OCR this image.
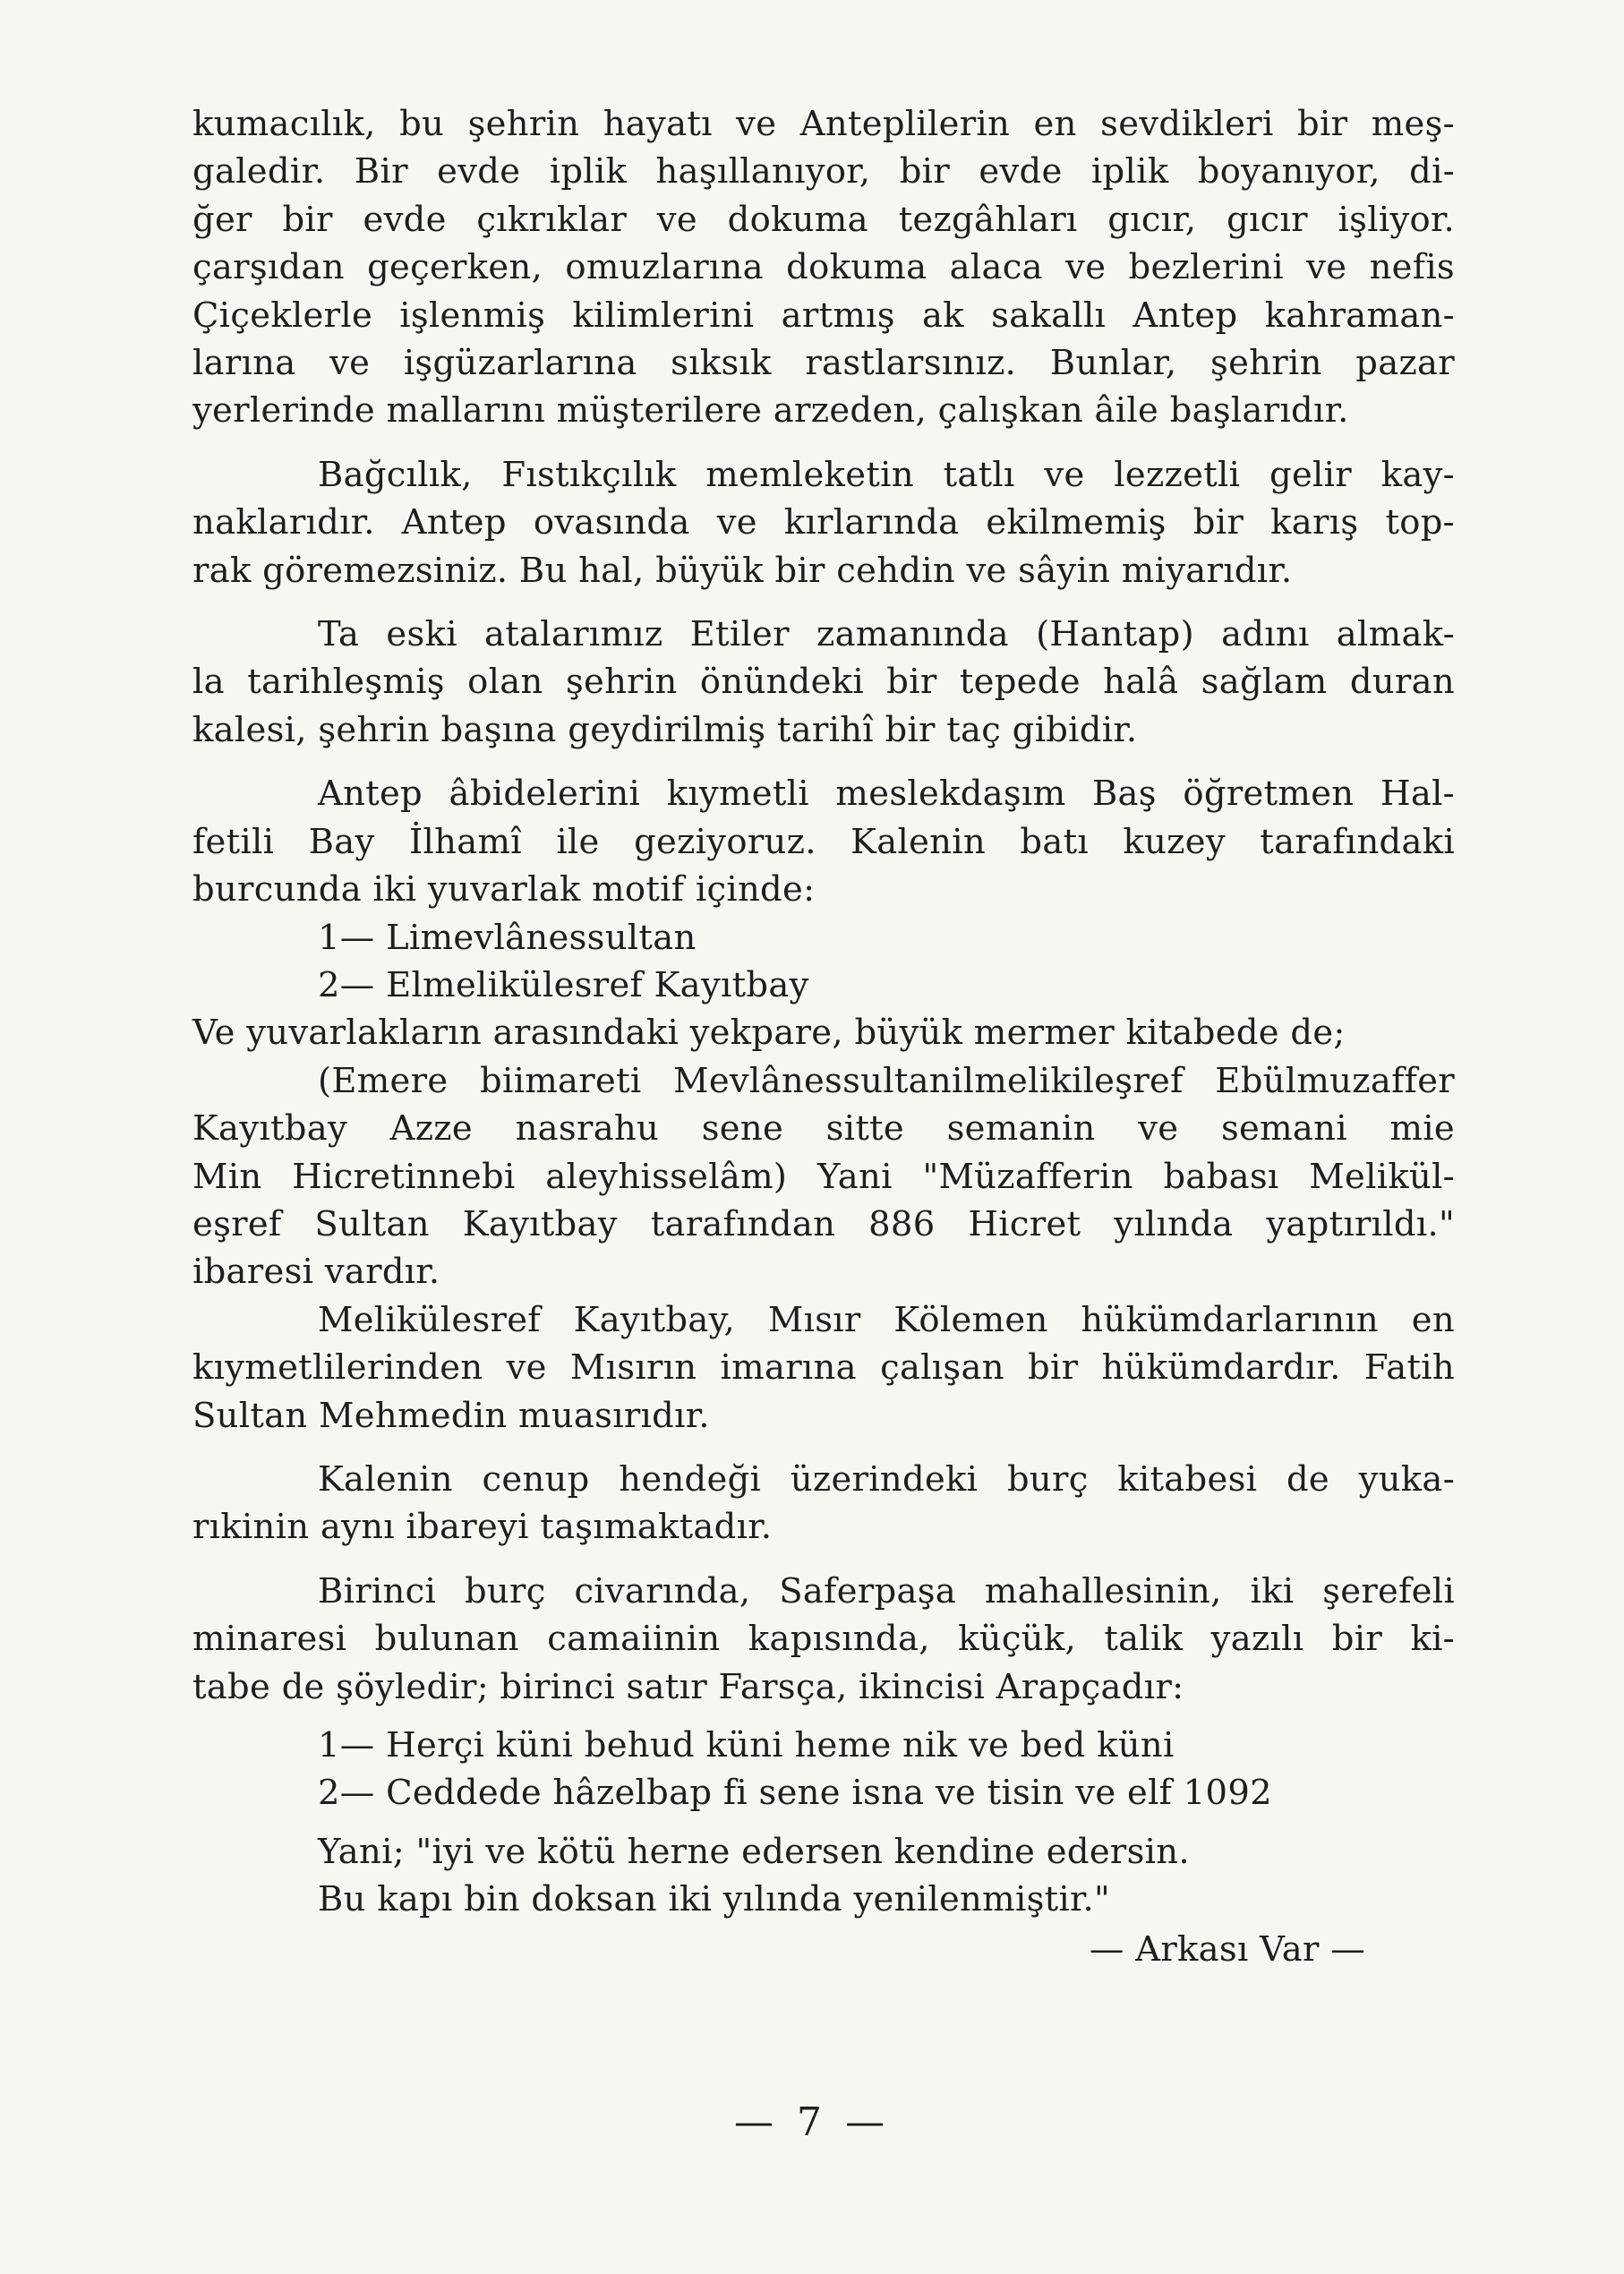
kumacılık, bu şehrin hayatı ve Anteplilerin en sevdikleri bir meş-
galedir. Bir evde iplik haşıllanıyor, bir evde iplik boyanıyor, di-
ğer bir evde çıkrıklar ve dokuma tezgâhları gıcır, gıcır işliyor.
çarşıdan geçerken, omuzlarına dokuma alaca ve bezlerini ve nefis
Çiçeklerle işlenmiş kilimlerini artmış ak sakallı Antep kahraman-
larına ve işgüzarlarına sıksık rastlarsınız. Bunlar, şehrin pazar
yerlerinde mallarını müşterilere arzeden, çalışkan âile başlarıdır.

Bağcılık, Fıstıkçılık memleketin tatlı ve lezzetli gelir kay-
naklarıdır. Antep ovasında ve kırlarında ekilmemiş bir karış top-
rak göremezsiniz. Bu hal, büyük bir cehdin ve sâyin miyarıdır.

Ta eski atalarımız Etiler zamanında (Hantap) adını almak-
la tarihleşmiş olan şehrin önündeki bir tepede halâ sağlam duran
kalesi, şehrin başına geydirilmiş tarihî bir taç gibidir.

Antep âbidelerini kıymetli meslekdaşım Baş öğretmen Hal-
fetili Bay İlhamî ile geziyoruz. Kalenin batı kuzey tarafındaki
burcunda iki yuvarlak motif içinde:

1— Limevlânessultan
2— Elmelikülesref Kayıtbay

Ve yuvarlakların arasındaki yekpare, büyük mermer kitabede de;

(Emere biimareti Mevlânessultanilmelikileşref Ebülmuzaffer
Kayıtbay Azze nasrahu sene sitte semanin ve semani mie
Min Hicretinnebi aleyhisselâm) Yani "Müzafferin babası Melikül-
eşref Sultan Kayıtbay tarafından 886 Hicret yılında yaptırıldı."
ibaresi vardır.

Melikülesref Kayıtbay, Mısır Kölemen hükümdarlarının en
kıymetlilerinden ve Mısırın imarına çalışan bir hükümdardır. Fatih
Sultan Mehmedin muasırıdır.

Kalenin cenup hendeği üzerindeki burç kitabesi de yuka-
rıkinin aynı ibareyi taşımaktadır.

Birinci burç civarında, Saferpaşa mahallesinin, iki şerefeli
minaresi bulunan camaiinin kapısında, küçük, talik yazılı bir ki-
tabe de şöyledir; birinci satır Farsça, ikincisi Arapçadır:

1— Herçi küni behud küni heme nik ve bed küni
2— Ceddede hâzelbap fi sene isna ve tisin ve elf 1092
Yani; "iyi ve kötü herne edersen kendine edersin.
Bu kapı bin doksan iki yılında yenilenmiştir."
— Arkası Var —
— 7 —
